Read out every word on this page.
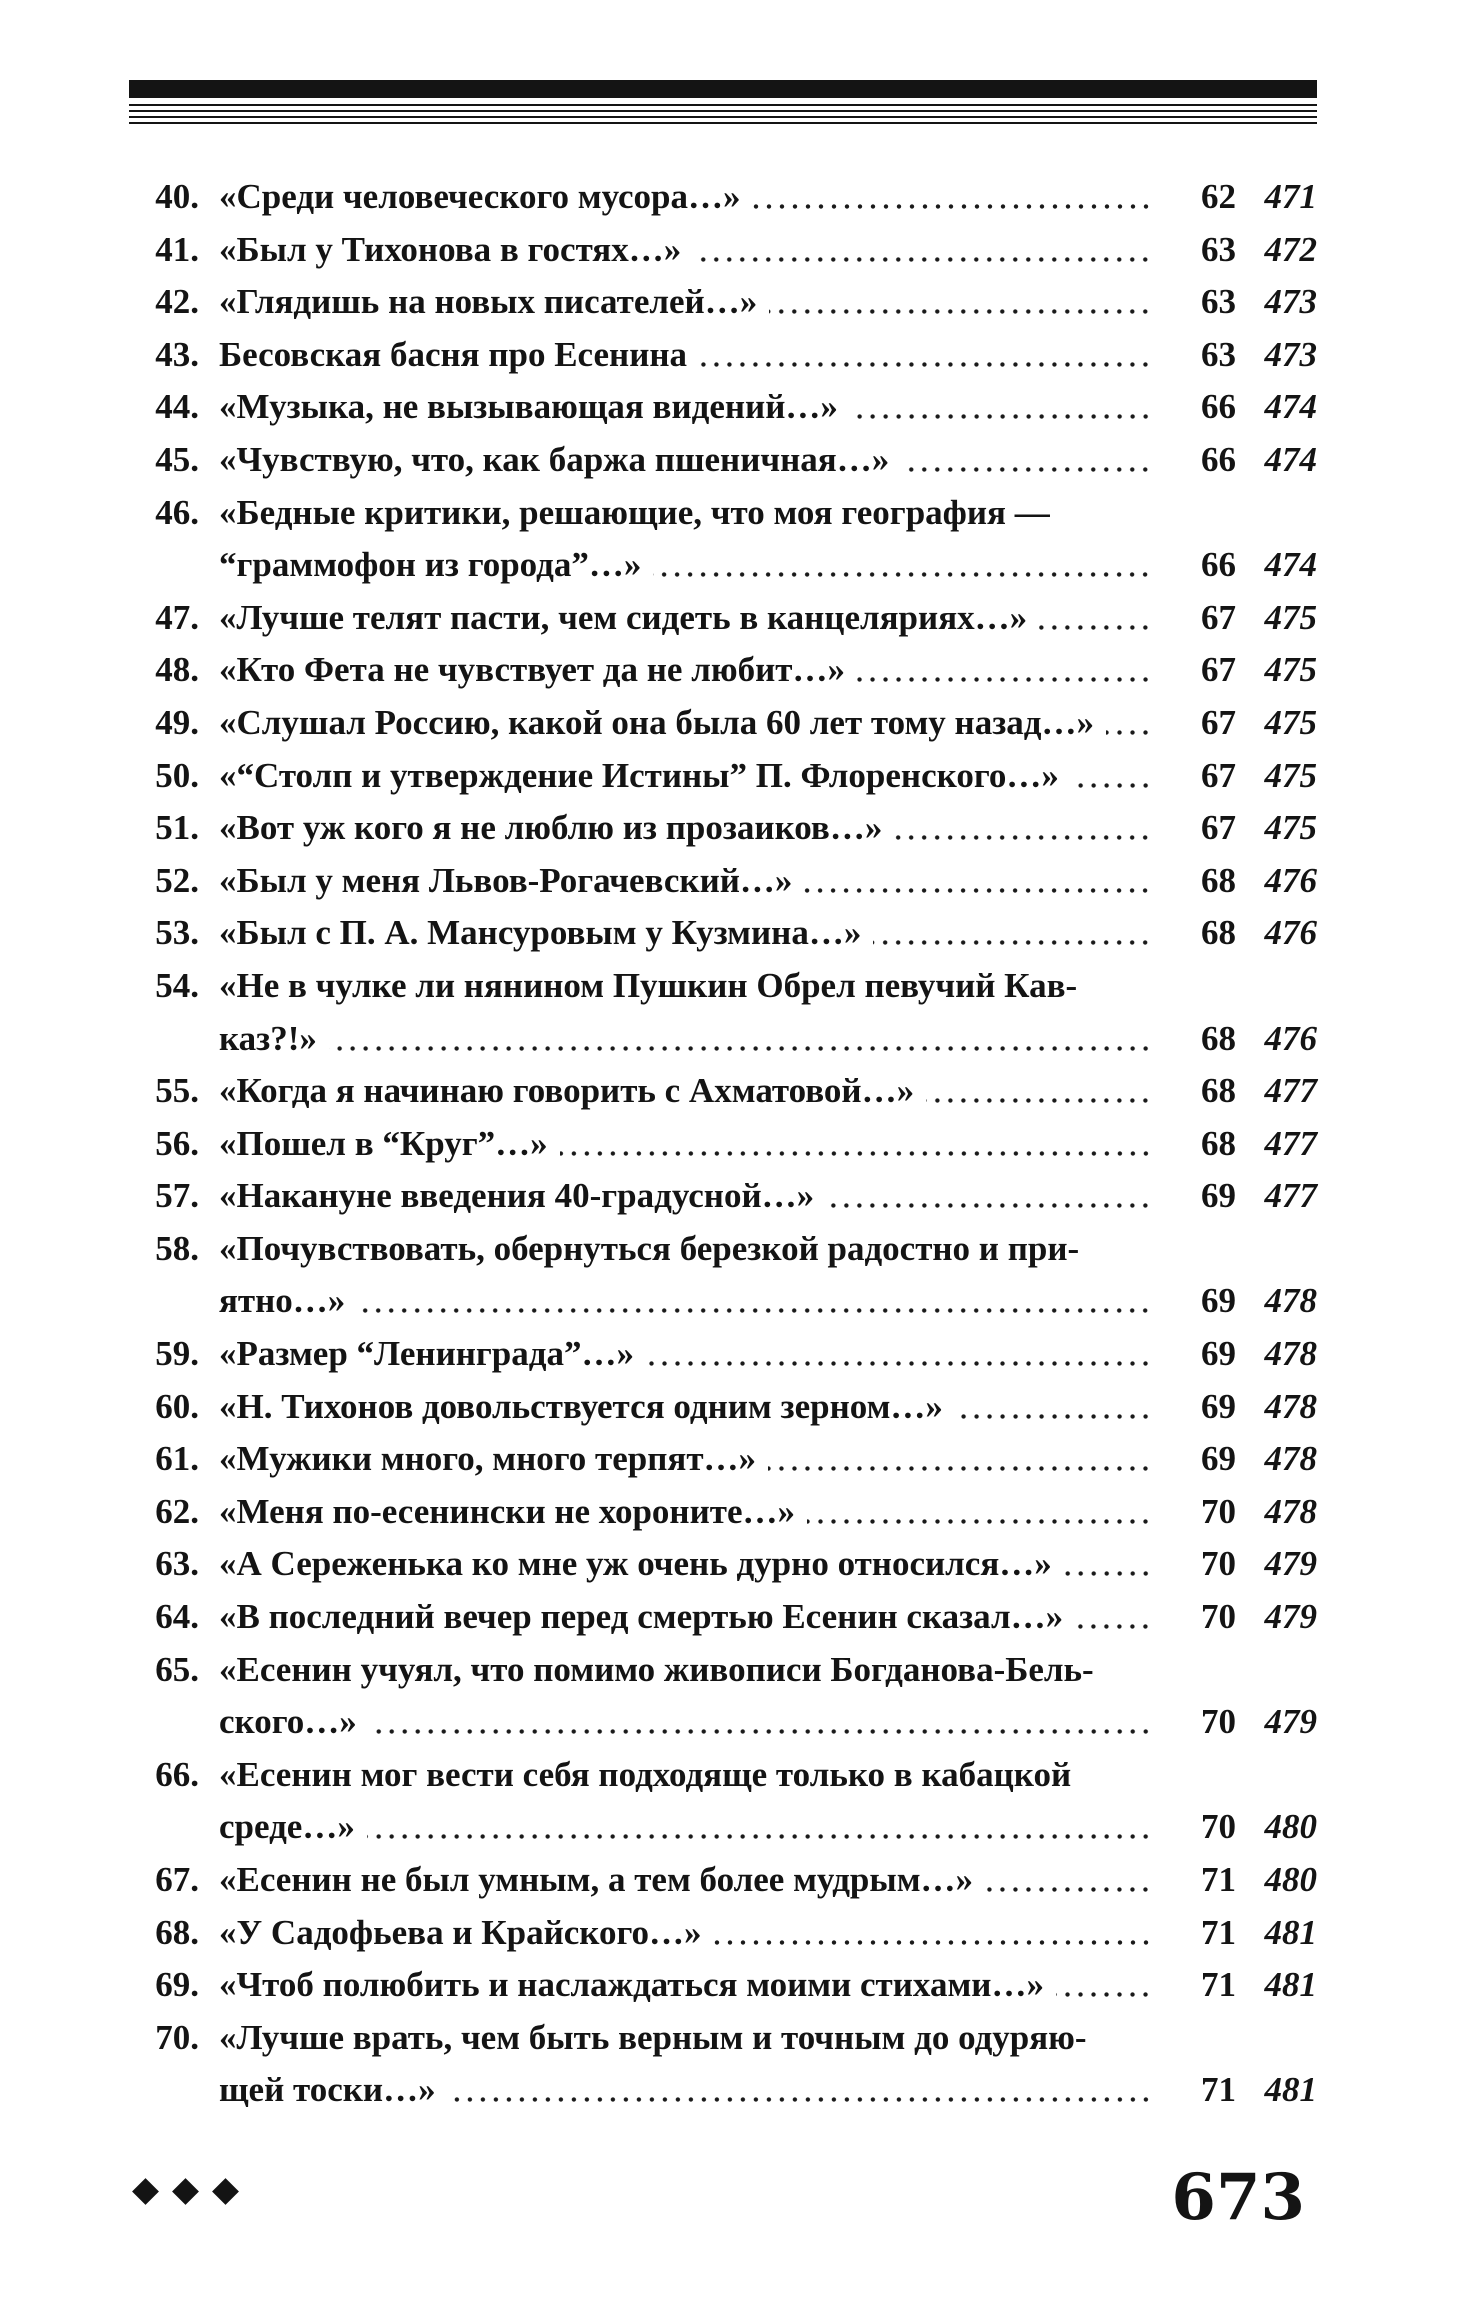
40. «Среди человеческого мусора…»	62 471
41. «Был у Тихонова в гостях…»	63 472
42. «Глядишь на новых писателей…»	63 473
43. Бесовская басня про Есенина	63 473
44. «Музыка, не вызывающая видений…»	66 474
45. «Чувствую, что, как баржа пшеничная…»	66 474
46. «Бедные критики, решающие, что моя география —
“граммофон из города”…»	66 474
47. «Лучше телят пасти, чем сидеть в канцеляриях…»	67 475
48. «Кто Фета не чувствует да не любит…»	67 475
49. «Слушал Россию, какой она была 60 лет тому назад…»	67 475
50. «“Столп и утверждение Истины” П. Флоренского…»	67 475
51. «Вот уж кого я не люблю из прозаиков…»	67 475
52. «Был у меня Львов-Рогачевский…»	68 476
53. «Был с П. А. Мансуровым у Кузмина…»	68 476
54. «Не в чулке ли нянином Пушкин Обрел певучий Кав-
каз?!»	68 476
55. «Когда я начинаю говорить с Ахматовой…»	68 477
56. «Пошел в “Круг”…»	68 477
57. «Накануне введения 40-градусной…»	69 477
58. «Почувствовать, обернуться березкой радостно и при-
ятно…»	69 478
59. «Размер “Ленинграда”…»	69 478
60. «Н. Тихонов довольствуется одним зерном…»	69 478
61. «Мужики много, много терпят…»	69 478
62. «Меня по-есенински не хороните…»	70 478
63. «А Сереженька ко мне уж очень дурно относился…»	70 479
64. «В последний вечер перед смертью Есенин сказал…»	70 479
65. «Есенин учуял, что помимо живописи Богданова-Бель-
ского…»	70 479
66. «Есенин мог вести себя подходяще только в кабацкой
среде…»	70 480
67. «Есенин не был умным, а тем более мудрым…»	71 480
68. «У Садофьева и Крайского…»	71 481
69. «Чтоб полюбить и наслаждаться моими стихами…»	71 481
70. «Лучше врать, чем быть верным и точным до одуряю-
щей тоски…»	71 481
673
